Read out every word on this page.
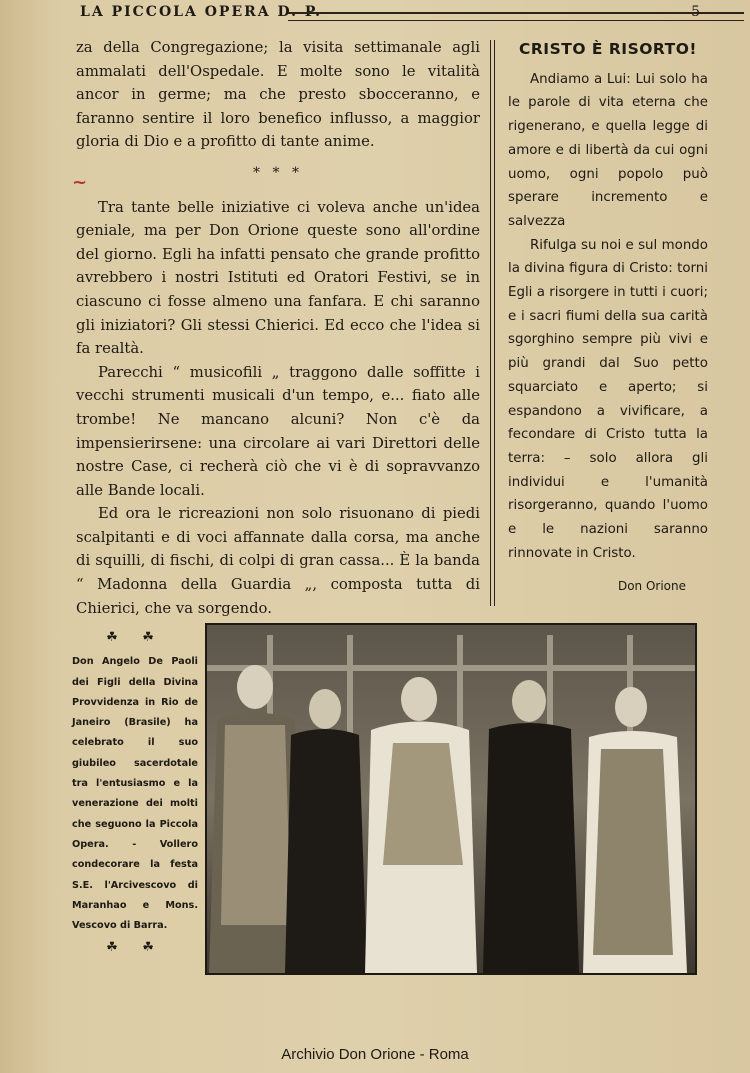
LA PICCOLA OPERA D. P.	5

za della Congregazione; la visita settimanale agli ammalati dell'Ospedale. E molte sono le vitalità ancor in germe; ma che presto sbocceranno, e faranno sentire il loro benefico influsso, a maggior gloria di Dio e a profitto di tante anime.

* * *

Tra tante belle iniziative ci voleva anche un'idea geniale, ma per Don Orione queste sono all'ordine del giorno. Egli ha infatti pensato che grande profitto avrebbero i nostri Istituti ed Oratori Festivi, se in ciascuno ci fosse almeno una fanfara. E chi saranno gli iniziatori? Gli stessi Chierici. Ed ecco che l'idea si fa realtà.

Parecchi “ musicofili „ traggono dalle soffitte i vecchi strumenti musicali d'un tempo, e... fiato alle trombe! Ne mancano alcuni? Non c'è da impensierirsene: una circolare ai vari Direttori delle nostre Case, ci recherà ciò che vi è di sopravvanzo alle Bande locali.

Ed ora le ricreazioni non solo risuonano di piedi scalpitanti e di voci affannate dalla corsa, ma anche di squilli, di fischi, di colpi di gran cassa... È la banda “ Madonna della Guardia „, composta tutta di Chierici, che va sorgendo.

~
CRISTO È RISORTO!

Andiamo a Lui: Lui solo ha le parole di vita eterna che rigenerano, e quella legge di amore e di libertà da cui ogni uomo, ogni popolo può sperare incremento e salvezza

Rifulga su noi e sul mondo la divina figura di Cristo: torni Egli a risorgere in tutti i cuori; e i sacri fiumi della sua carità sgorghino sempre più vivi e più grandi dal Suo petto squarciato e aperto; si espandono a vivificare, a fecondare di Cristo tutta la terra: – solo allora gli individui e l'umanità risorgeranno, quando l'uomo e le nazioni saranno rinnovate in Cristo.

Don Orione
☘ ☘
Don Angelo De Paoli dei Figli della Divina Provvidenza in Rio de Janeiro (Brasile) ha celebrato il suo giubileo sacerdotale tra l'entusiasmo e la venerazione dei molti che seguono la Piccola Opera. - Vollero condecorare la festa S.E. l'Arcivescovo di Maranhao e Mons. Vescovo di Barra.
☘ ☘
Archivio Don Orione - Roma
